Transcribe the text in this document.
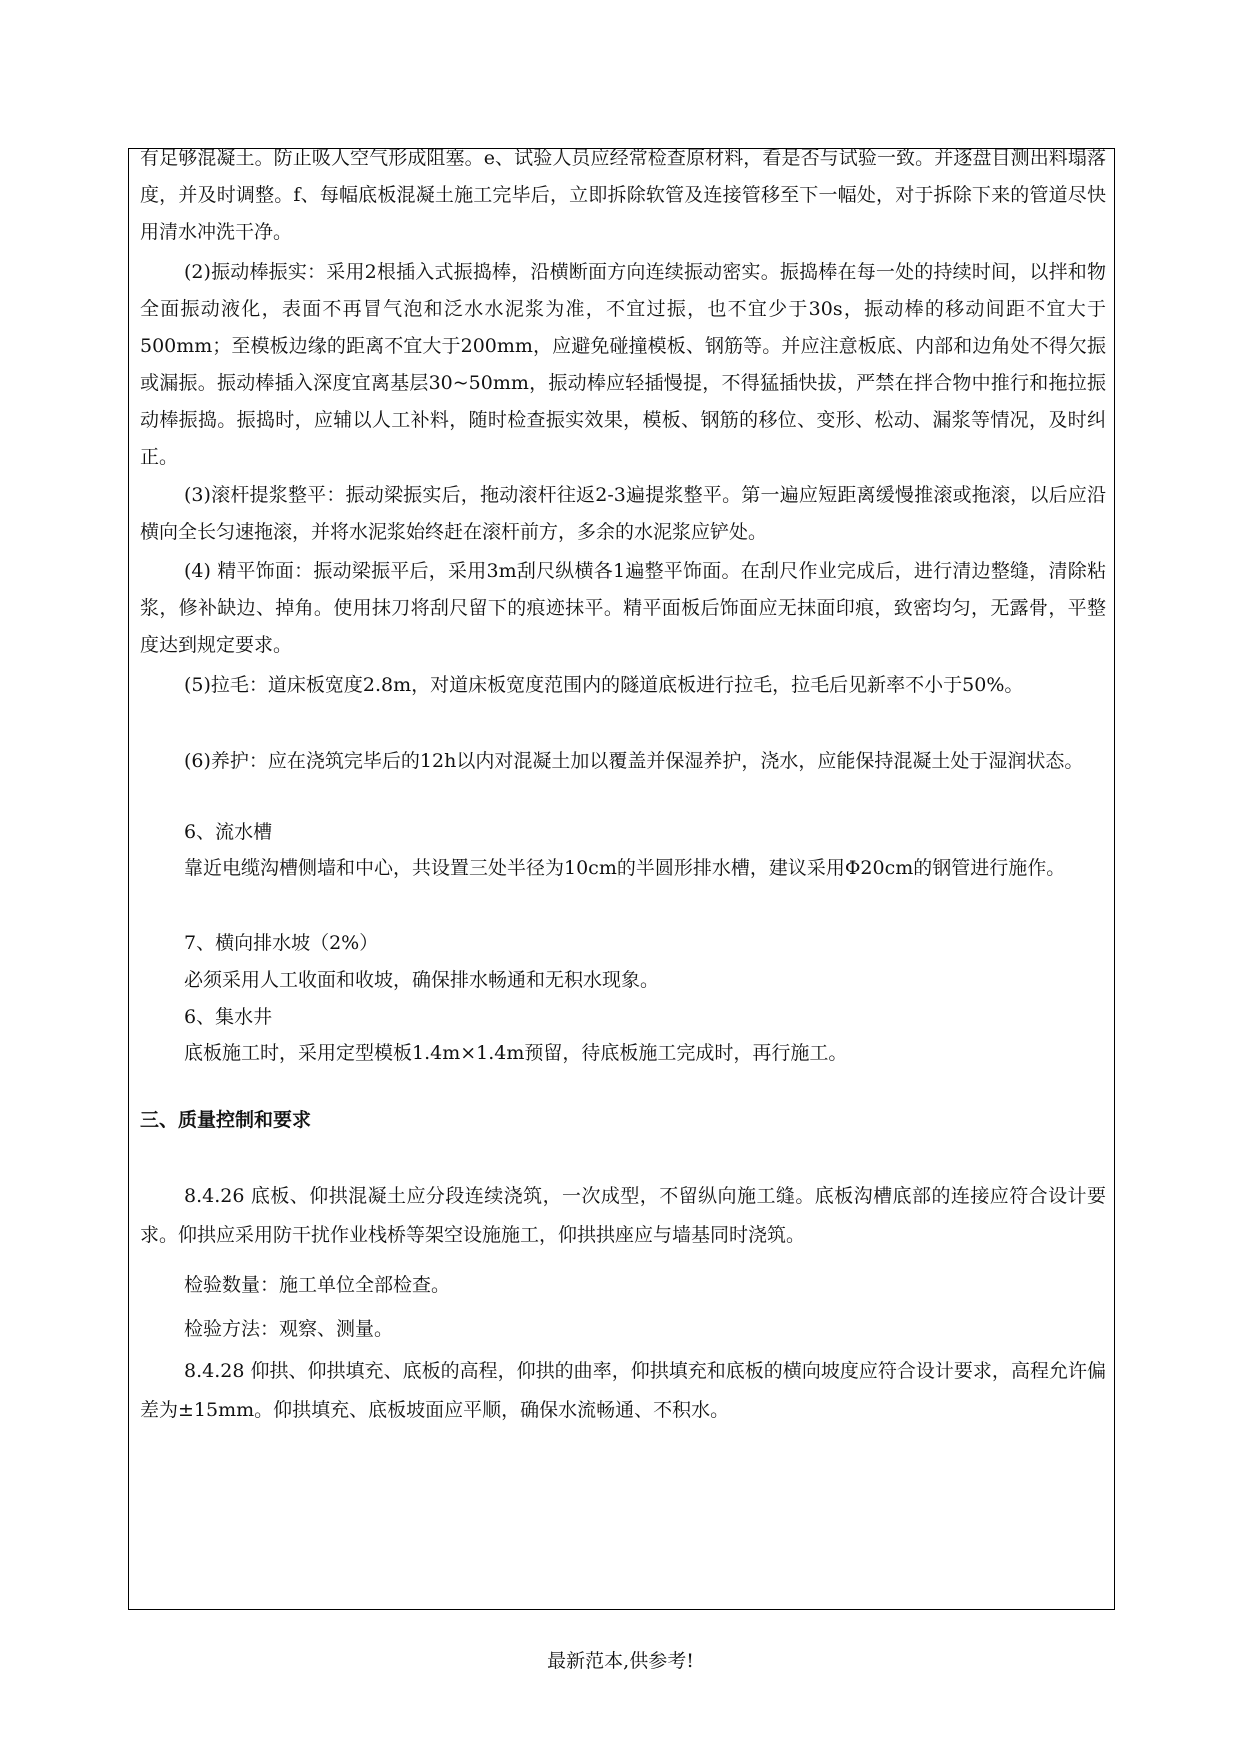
有足够混凝土。防止吸人空气形成阻塞。e、试验人员应经常检查原材料，看是否与试验一致。并逐盘目测出料塌落度，并及时调整。f、每幅底板混凝土施工完毕后，立即拆除软管及连接管移至下一幅处，对于拆除下来的管道尽快用清水冲洗干净。

(2)振动棒振实：采用2根插入式振捣棒，沿横断面方向连续振动密实。振捣棒在每一处的持续时间，以拌和物全面振动液化，表面不再冒气泡和泛水水泥浆为准，不宜过振，也不宜少于30s，振动棒的移动间距不宜大于500mm；至模板边缘的距离不宜大于200mm，应避免碰撞模板、钢筋等。并应注意板底、内部和边角处不得欠振或漏振。振动棒插入深度宜离基层30~50mm，振动棒应轻插慢提，不得猛插快拔，严禁在拌合物中推行和拖拉振动棒振捣。振捣时，应辅以人工补料，随时检查振实效果，模板、钢筋的移位、变形、松动、漏浆等情况，及时纠正。

(3)滚杆提浆整平：振动梁振实后，拖动滚杆往返2-3遍提浆整平。第一遍应短距离缓慢推滚或拖滚，以后应沿横向全长匀速拖滚，并将水泥浆始终赶在滚杆前方，多余的水泥浆应铲处。

(4) 精平饰面：振动梁振平后，采用3m刮尺纵横各1遍整平饰面。在刮尺作业完成后，进行清边整缝，清除粘浆，修补缺边、掉角。使用抹刀将刮尺留下的痕迹抹平。精平面板后饰面应无抹面印痕，致密均匀，无露骨，平整度达到规定要求。

(5)拉毛：道床板宽度2.8m，对道床板宽度范围内的隧道底板进行拉毛，拉毛后见新率不小于50%。

(6)养护：应在浇筑完毕后的12h以内对混凝土加以覆盖并保湿养护，浇水，应能保持混凝土处于湿润状态。

6、流水槽

靠近电缆沟槽侧墙和中心，共设置三处半径为10cm的半圆形排水槽，建议采用Φ20cm的钢管进行施作。

7、横向排水坡（2%）

必须采用人工收面和收坡，确保排水畅通和无积水现象。

6、集水井

底板施工时，采用定型模板1.4m×1.4m预留，待底板施工完成时，再行施工。

三、质量控制和要求

8.4.26 底板、仰拱混凝土应分段连续浇筑，一次成型，不留纵向施工缝。底板沟槽底部的连接应符合设计要求。仰拱应采用防干扰作业栈桥等架空设施施工，仰拱拱座应与墙基同时浇筑。

检验数量：施工单位全部检查。

检验方法：观察、测量。

8.4.28 仰拱、仰拱填充、底板的高程，仰拱的曲率，仰拱填充和底板的横向坡度应符合设计要求，高程允许偏差为±15mm。仰拱填充、底板坡面应平顺，确保水流畅通、不积水。

最新范本,供参考!
